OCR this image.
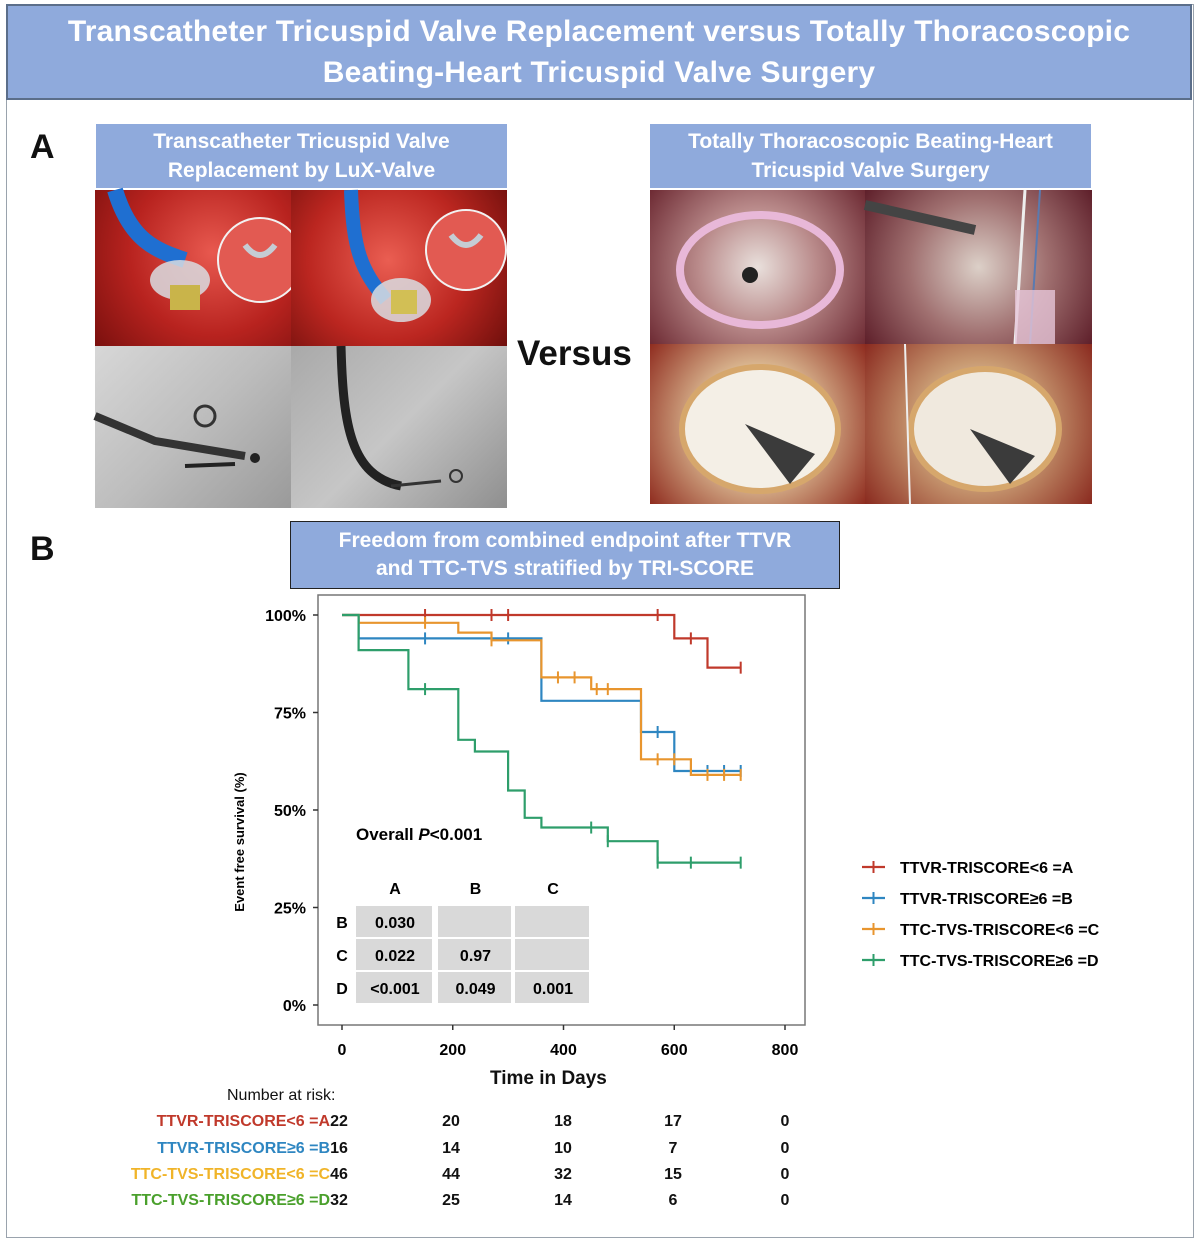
Transcatheter Tricuspid Valve Replacement versus Totally Thoracoscopic
Beating-Heart Tricuspid Valve Surgery
A	Transcatheter Tricuspid Valve
Replacement by LuX-Valve
Totally Thoracoscopic Beating-Heart
Tricuspid Valve Surgery
Versus
B	Freedom from combined endpoint after TTVR
and TTC-TVS stratified by TRI-SCORE
0%
25%
50%
75%
100%
0	200	400	600	800
A	B	C
B 0.030
C 0.022	0.97
D <0.001 0.049 0.001
Event free survival (%)	Overall P<0.001
TTVR-TRISCORE<6 =A
TTVR-TRISCORE≥6 =B
TTC-TVS-TRISCORE<6 =C
TTC-TVS-TRISCORE≥6 =D
Number at risk:
Time in Days
TTVR-TRISCORE<6 =A 22	20	18	17	0
TTVR-TRISCORE≥6 =B 16	14	10	7	0
TTC-TVS-TRISCORE<6 =C 46	44	32	15	0
TTC-TVS-TRISCORE≥6 =D 32	25	14	6	0
